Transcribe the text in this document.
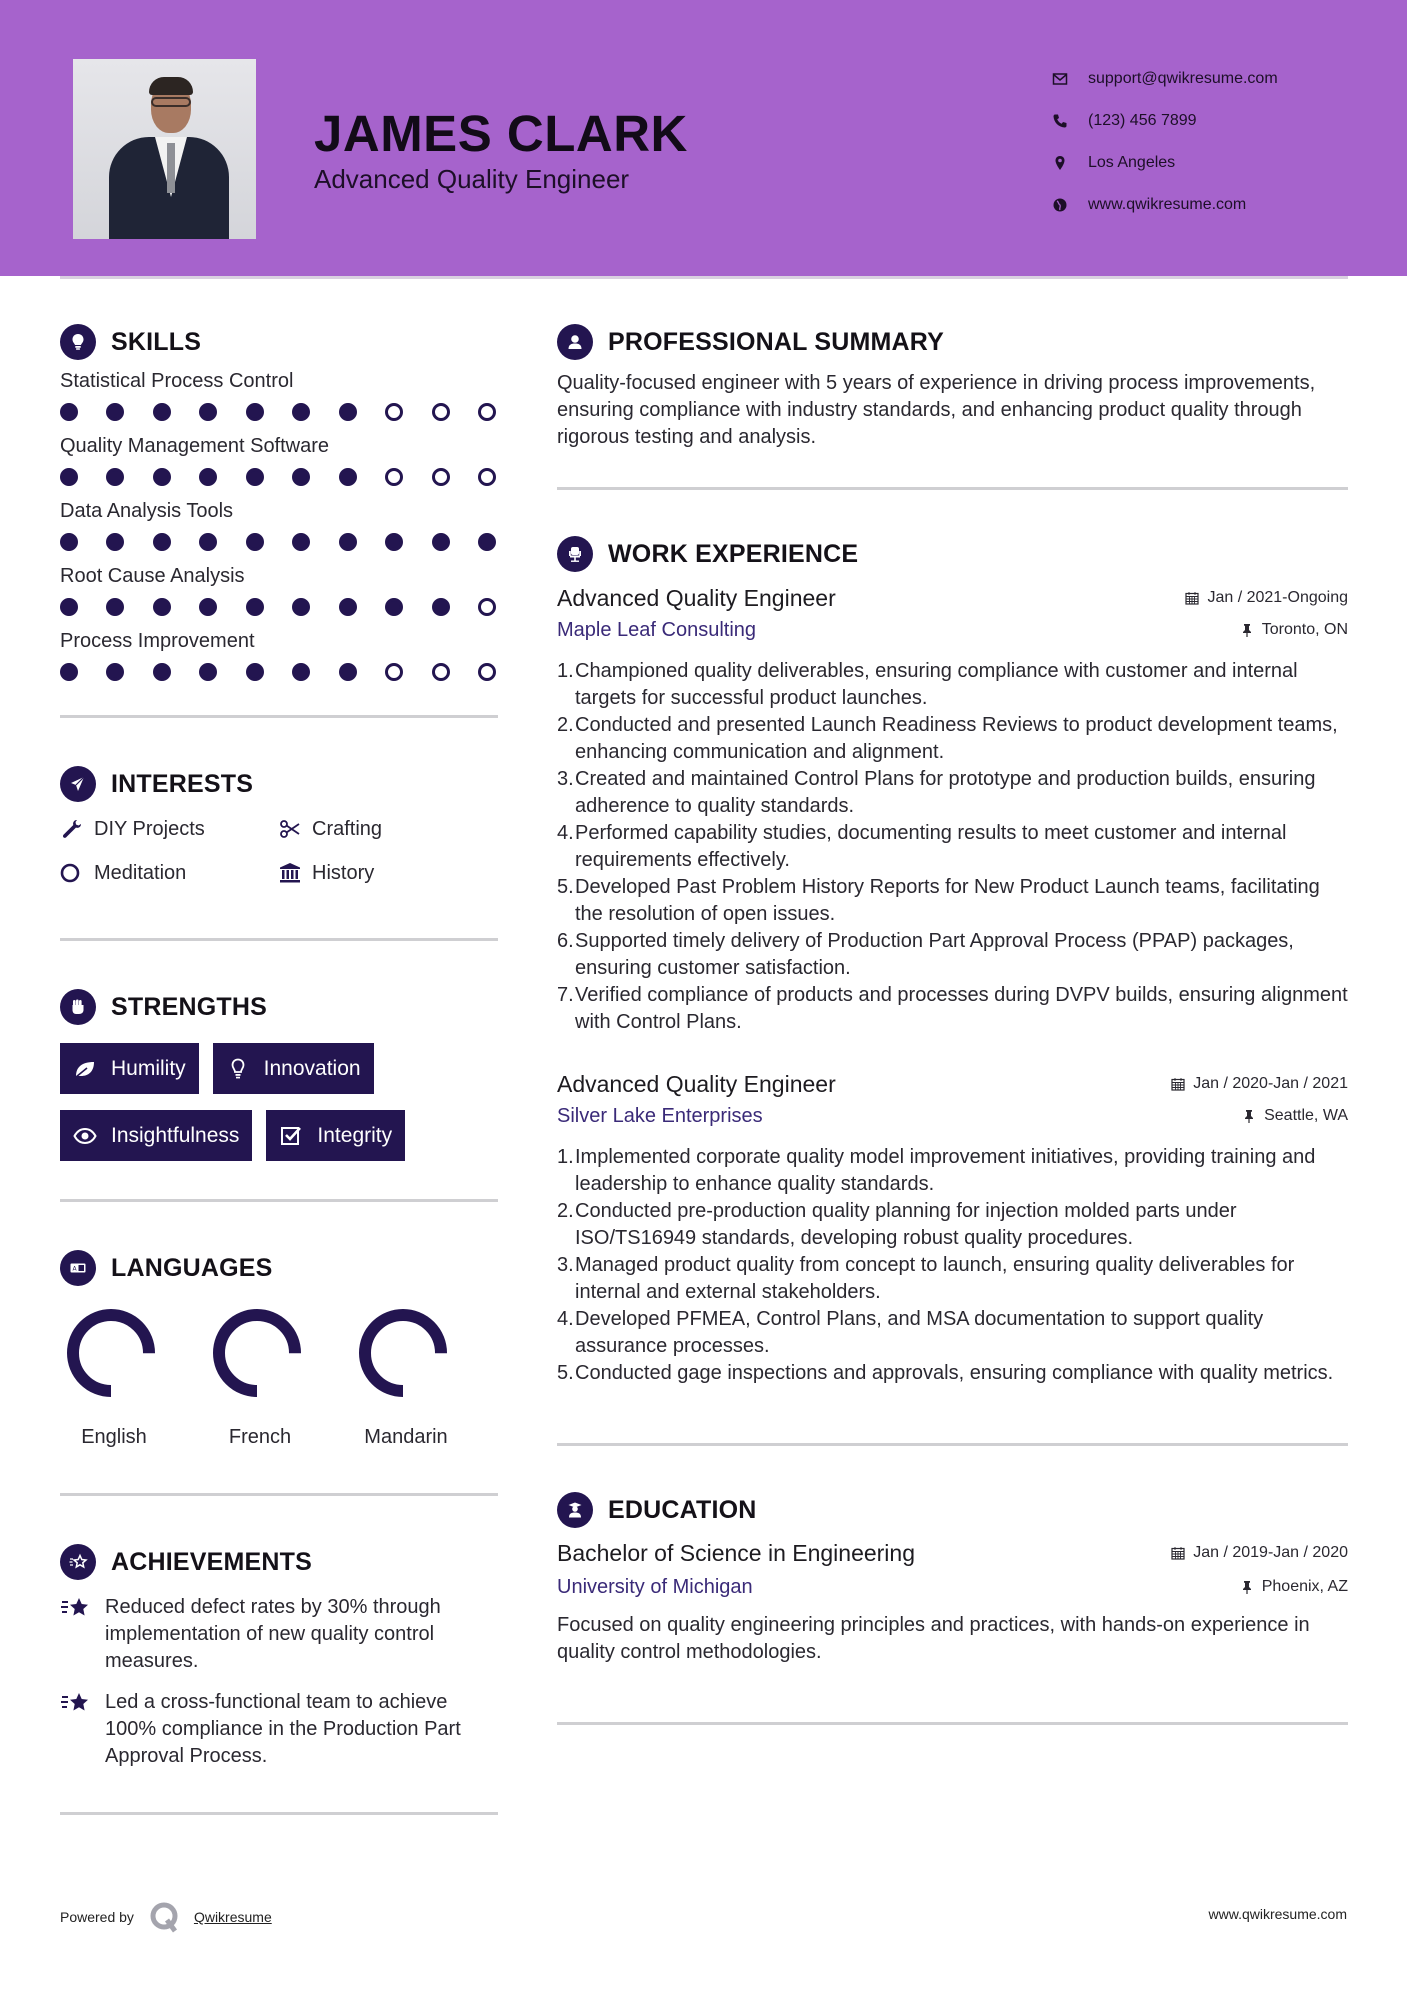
JAMES CLARK
Advanced Quality Engineer
support@qwikresume.com
(123) 456 7899
Los Angeles
www.qwikresume.com
SKILLS
Statistical Process Control
Quality Management Software
Data Analysis Tools
Root Cause Analysis
Process Improvement
INTERESTS
DIY Projects	Crafting
Meditation	History
STRENGTHS
Humility	Innovation
Insightfulness	Integrity
A LANGUAGES
English	French	Mandarin
ACHIEVEMENTS
Reduced defect rates by 30% through implementation of new quality control measures.
Led a cross-functional team to achieve 100% compliance in the Production Part Approval Process.
PROFESSIONAL SUMMARY

Quality-focused engineer with 5 years of experience in driving process improvements, ensuring compliance with industry standards, and enhancing product quality through rigorous testing and analysis.

WORK EXPERIENCE
Advanced Quality Engineer	Jan / 2021-Ongoing
Maple Leaf Consulting	Toronto, ON
1. Championed quality deliverables, ensuring compliance with customer and internal targets for successful product launches.
2. Conducted and presented Launch Readiness Reviews to product development teams, enhancing communication and alignment.
3. Created and maintained Control Plans for prototype and production builds, ensuring adherence to quality standards.
4. Performed capability studies, documenting results to meet customer and internal requirements effectively.
5. Developed Past Problem History Reports for New Product Launch teams, facilitating the resolution of open issues.
6. Supported timely delivery of Production Part Approval Process (PPAP) packages, ensuring customer satisfaction.
7. Verified compliance of products and processes during DVPV builds, ensuring alignment with Control Plans.
Advanced Quality Engineer	Jan / 2020-Jan / 2021
Silver Lake Enterprises	Seattle, WA
1. Implemented corporate quality model improvement initiatives, providing training and leadership to enhance quality standards.
2. Conducted pre-production quality planning for injection molded parts under ISO/TS16949 standards, developing robust quality procedures.
3. Managed product quality from concept to launch, ensuring quality deliverables for internal and external stakeholders.
4. Developed PFMEA, Control Plans, and MSA documentation to support quality assurance processes.
5. Conducted gage inspections and approvals, ensuring compliance with quality metrics.
EDUCATION
Bachelor of Science in Engineering	Jan / 2019-Jan / 2020
University of Michigan	Phoenix, AZ

Focused on quality engineering principles and practices, with hands-on experience in quality control methodologies.

Powered by	Qwikresume	www.qwikresume.com
